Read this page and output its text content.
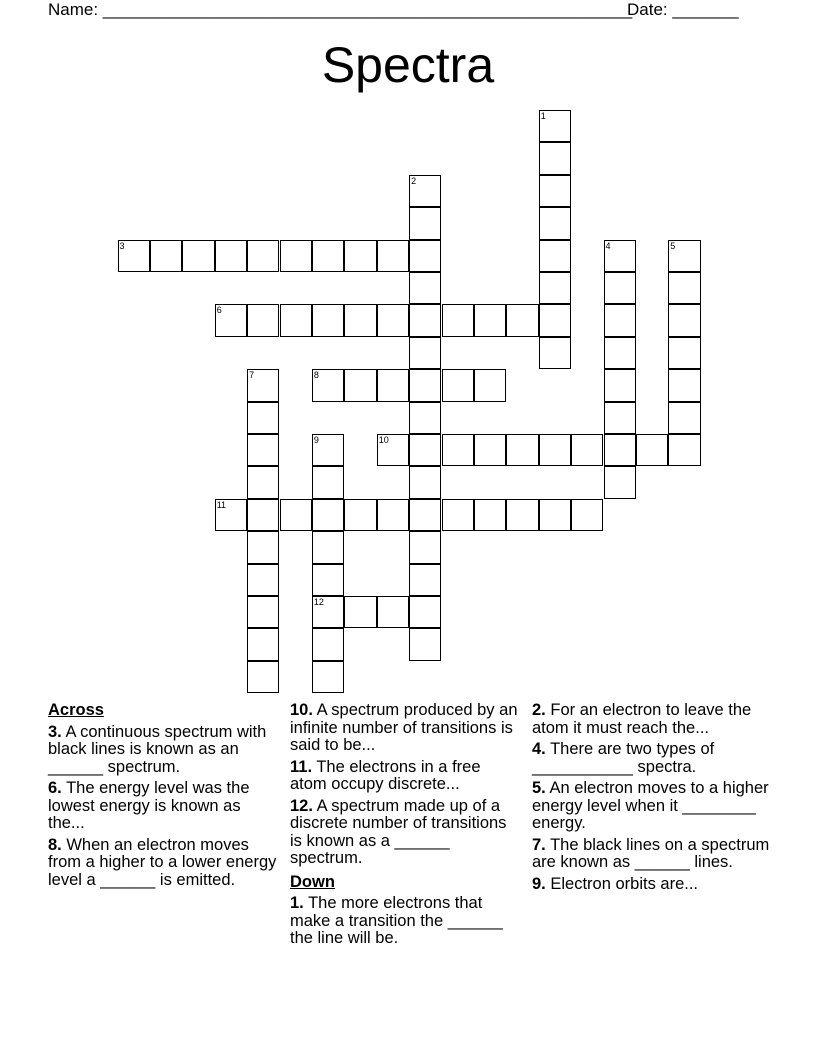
Name: ________________________________________________________
Date: _______
Spectra
1
2
3	4	5
6
7	8
9
12
10
11
Across
3. A continuous spectrum with black lines is known as an ______ spectrum.
6. The energy level was the lowest energy is known as the...
8. When an electron moves from a higher to a lower energy level a ______ is emitted.
10. A spectrum produced by an infinite number of transitions is said to be...
11. The electrons in a free atom occupy discrete...
12. A spectrum made up of a discrete number of transitions is known as a ______ spectrum.
Down
1. The more electrons that make a transition the ______ the line will be.
2. For an electron to leave the atom it must reach the...
4. There are two types of ___________ spectra.
5. An electron moves to a higher energy level when it ________ energy.
7. The black lines on a spectrum are known as ______ lines.
9. Electron orbits are...
